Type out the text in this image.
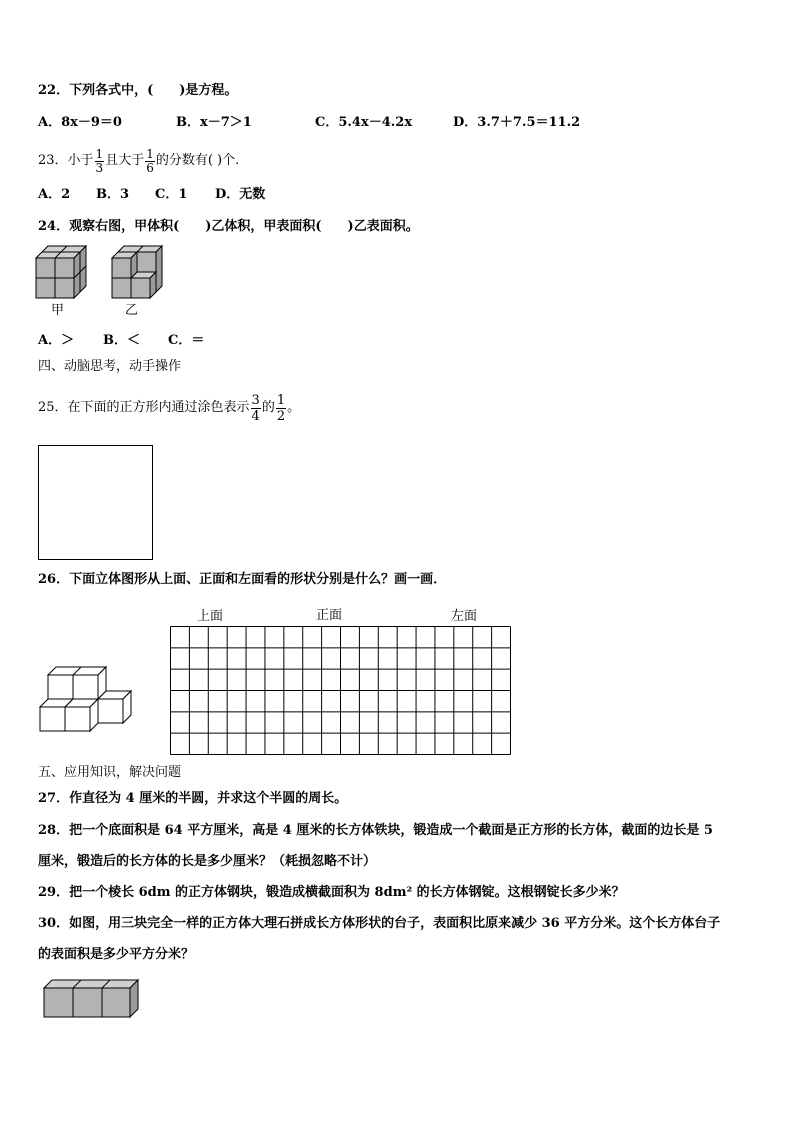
22．下列各式中，(　　)是方程。
A．8x－9＝0	B．x－7＞1	C．5.4x－4.2x	D．3.7＋7.5＝11.2
23．小于 $\frac{1}{3}$ 且大于 $\frac{1}{6}$ 的分数有( )个.
A．2 B．3 C．1 D．无数
24．观察右图，甲体积(　　)乙体积，甲表面积(　　)乙表面积。
甲	乙
A．＞ B．＜ C．＝
四、动脑思考，动手操作
25．在下面的正方形内通过涂色表示 $\frac{3}{4}$ 的 $\frac{1}{2}$ 。
26．下面立体图形从上面、正面和左面看的形状分别是什么？画一画．
上面	正面	左面
五、应用知识，解决问题
27．作直径为 4 厘米的半圆，并求这个半圆的周长。
28．把一个底面积是 64 平方厘米，高是 4 厘米的长方体铁块，锻造成一个截面是正方形的长方体，截面的边长是 5
厘米，锻造后的长方体的长是多少厘米？（耗损忽略不计）
29．把一个棱长 6dm 的正方体钢块，锻造成横截面积为 8dm² 的长方体钢锭。这根钢锭长多少米？
30．如图，用三块完全一样的正方体大理石拼成长方体形状的台子，表面积比原来减少 36 平方分米。这个长方体台子
的表面积是多少平方分米？
